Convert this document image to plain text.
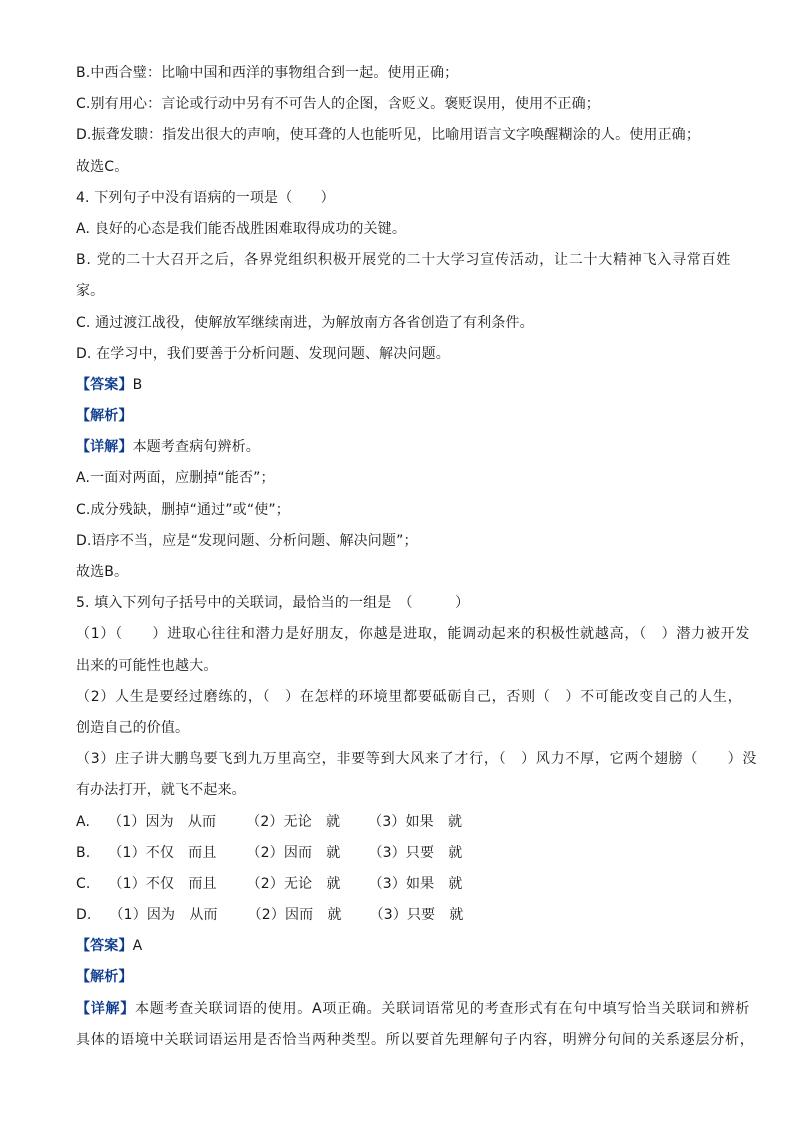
B.中西合璧：比喻中国和西洋的事物组合到一起。使用正确；
C.别有用心：言论或行动中另有不可告人的企图，含贬义。褒贬误用，使用不正确；
D.振聋发聩：指发出很大的声响，使耳聋的人也能听见，比喻用语言文字唤醒糊涂的人。使用正确；
故选C。
4. 下列句子中没有语病的一项是（　　）
A. 良好的心态是我们能否战胜困难取得成功的关键。
B. 党的二十大召开之后，各界党组织积极开展党的二十大学习宣传活动，让二十大精神飞入寻常百姓
家。
C. 通过渡江战役，使解放军继续南进，为解放南方各省创造了有利条件。
D. 在学习中，我们要善于分析问题、发现问题、解决问题。
【答案】B
【解析】
【详解】本题考查病句辨析。
A.一面对两面，应删掉“能否”；
C.成分残缺，删掉“通过”或“使”；
D.语序不当，应是“发现问题、分析问题、解决问题”；
故选B。
5. 填入下列句子括号中的关联词，最恰当的一组是　（　　　）
（1）（　　）进取心往往和潜力是好朋友，你越是进取，能调动起来的积极性就越高，（　）潜力被开发
出来的可能性也越大。
（2）人生是要经过磨练的，（　）在怎样的环境里都要砥砺自己，否则（　）不可能改变自己的人生，
创造自己的价值。
（3）庄子讲大鹏鸟要飞到九万里高空，非要等到大风来了才行，（　）风力不厚，它两个翅膀（　　）没
有办法打开，就飞不起来。
A. （1）因为　从而 （2）无论　就 （3）如果　就
B. （1）不仅　而且 （2）因而　就 （3）只要　就
C. （1）不仅　而且 （2）无论　就 （3）如果　就
D. （1）因为　从而 （2）因而　就 （3）只要　就
【答案】A
【解析】
【详解】本题考查关联词语的使用。A项正确。关联词语常见的考查形式有在句中填写恰当关联词和辨析
具体的语境中关联词语运用是否恰当两种类型。所以要首先理解句子内容，明辨分句间的关系逐层分析，
